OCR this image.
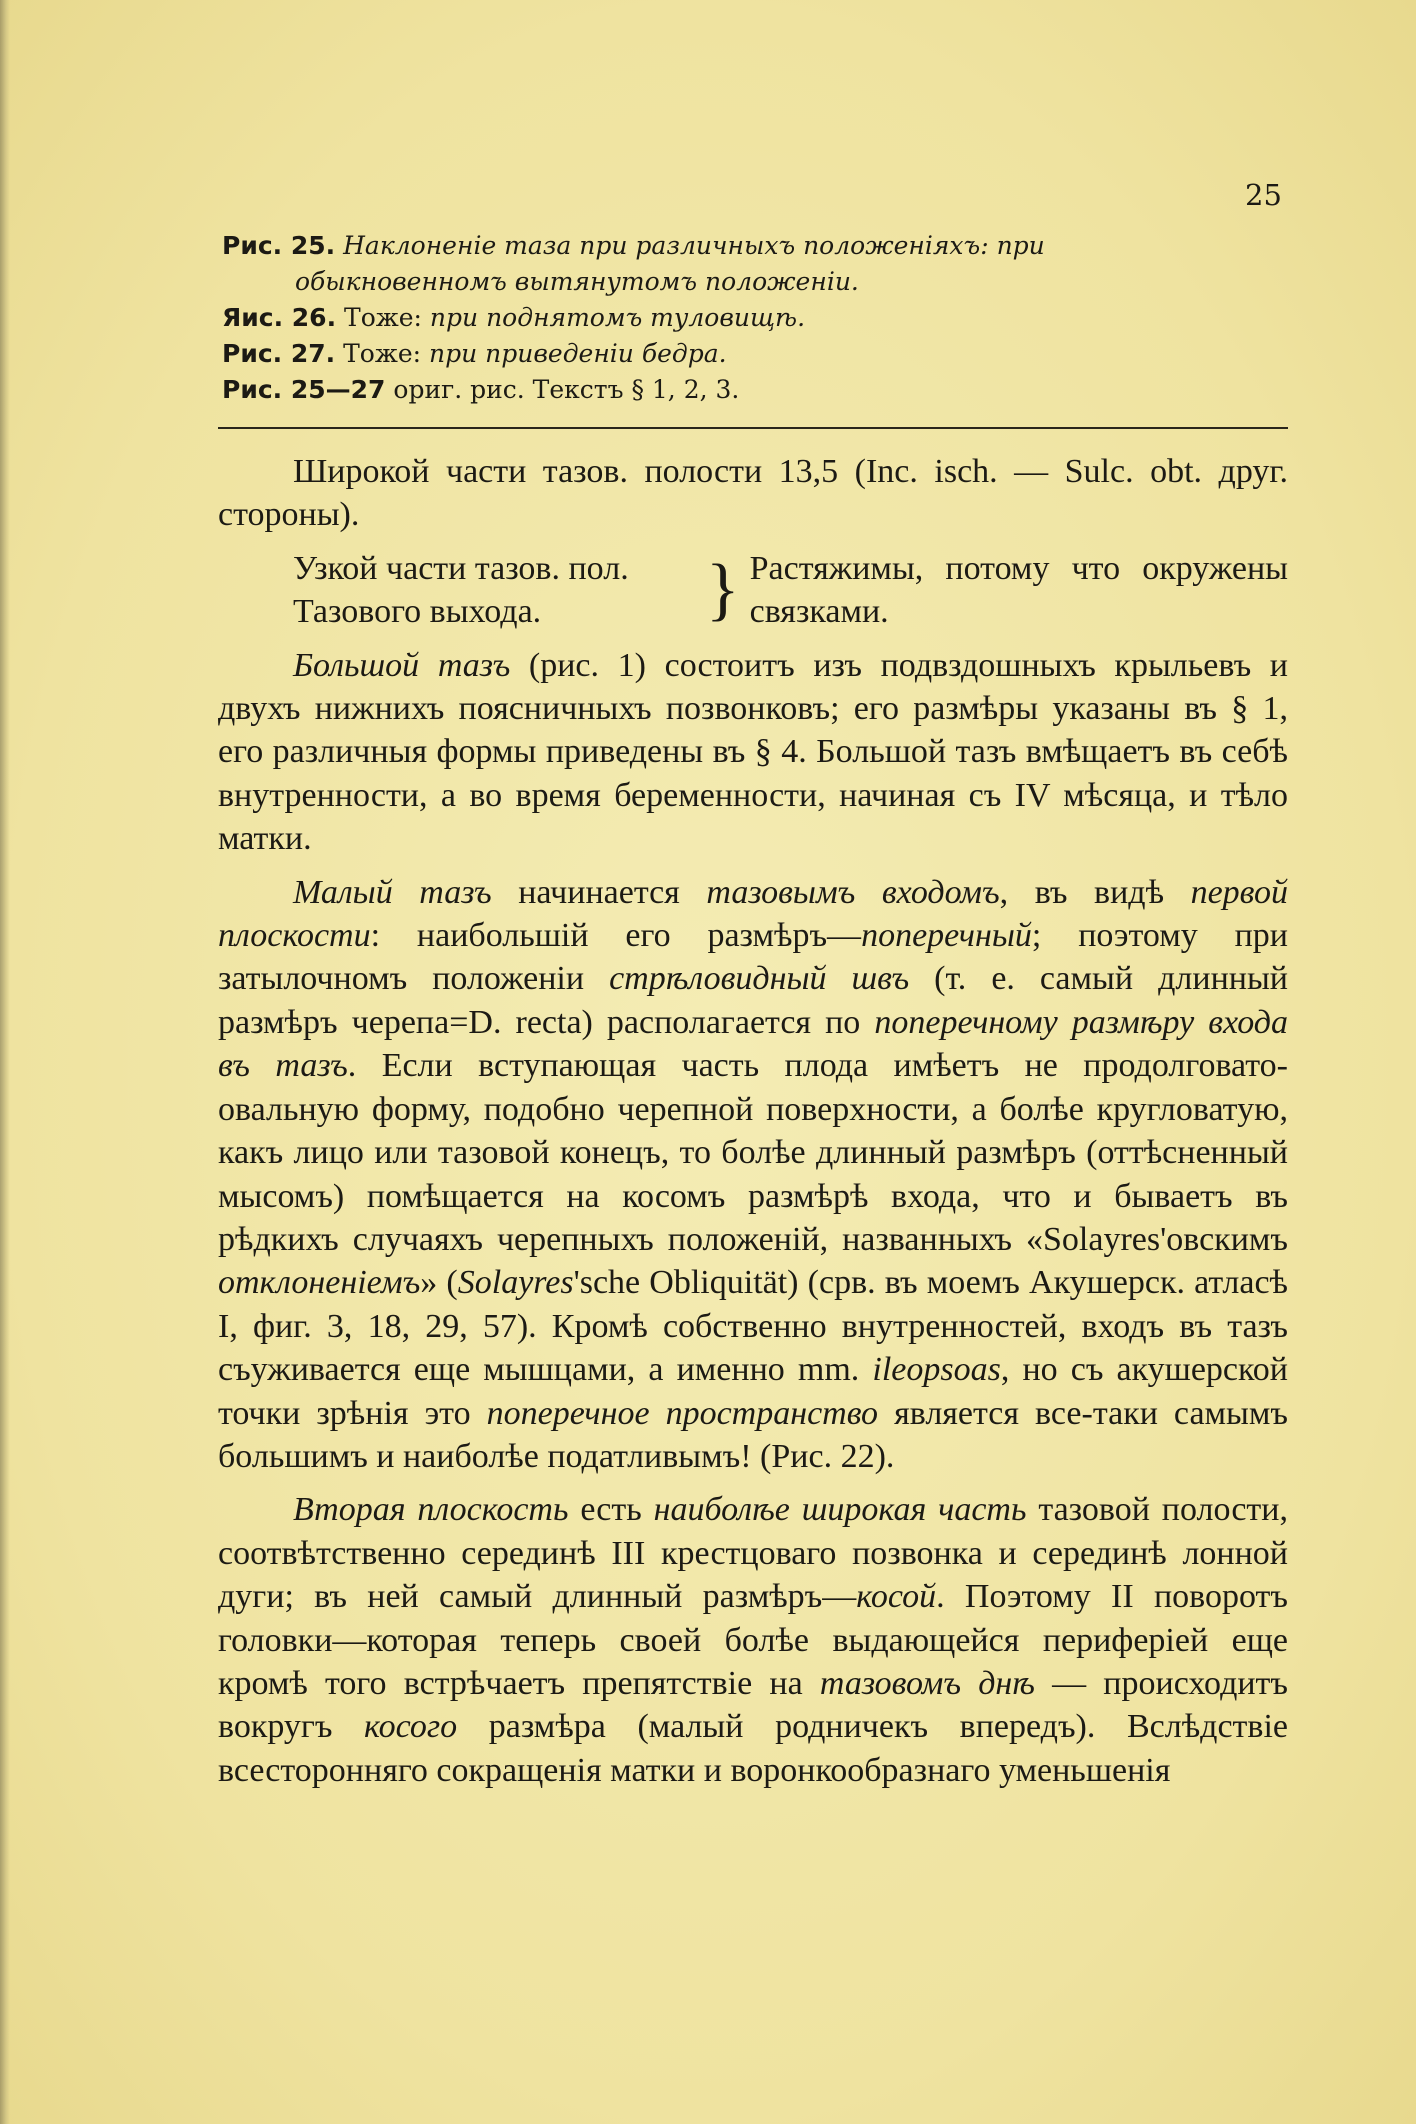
25
Рис. 25. Наклоненіе таза при различныхъ положеніяхъ: при
обыкновенномъ вытянутомъ положеніи.
Яис. 26. Тоже: при поднятомъ туловищѣ.
Рис. 27. Тоже: при приведеніи бедра.
Рис. 25—27 ориг. рис. Текстъ § 1, 2, 3.

Широкой части тазов. полости 13,5 (Inc. isch. — Sulc. obt. друг. стороны).

Узкой части тазов. пол.
Тазового выхода.	} Растяжимы, потому что окружены связками.

Большой тазъ (рис. 1) состоитъ изъ подвздошныхъ крыльевъ и двухъ нижнихъ поясничныхъ позвонковъ; его размѣры указаны въ § 1, его различныя формы приведены въ § 4. Большой тазъ вмѣщаетъ въ себѣ внутренности, а во время беременности, начиная съ IV мѣсяца, и тѣло матки.

Малый тазъ начинается тазовымъ входомъ, въ видѣ первой плоскости: наибольшій его размѣръ—поперечный; поэтому при затылочномъ положеніи стрѣловидный швъ (т. е. самый длинный размѣръ черепа=D. recta) располагается по поперечному размѣру входа въ тазъ. Если вступающая часть плода имѣетъ не продолговато-овальную форму, подобно черепной поверхности, а болѣе кругловатую, какъ лицо или тазовой конецъ, то болѣе длинный размѣръ (оттѣсненный мысомъ) помѣщается на косомъ размѣрѣ входа, что и бываетъ въ рѣдкихъ случаяхъ черепныхъ положеній, названныхъ «Solayres'овскимъ отклоненіемъ» (Solayres'sche Obliquität) (срв. въ моемъ Акушерск. атласѣ I, фиг. 3, 18, 29, 57). Кромѣ собственно внутренностей, входъ въ тазъ съуживается еще мышцами, а именно mm. ileopsoas, но съ акушерской точки зрѣнія это поперечное пространство является все-таки самымъ большимъ и наиболѣе податливымъ! (Рис. 22).

Вторая плоскость есть наиболѣе широкая часть тазовой полости, соотвѣтственно серединѣ III крестцоваго позвонка и серединѣ лонной дуги; въ ней самый длинный размѣръ—косой. Поэтому II поворотъ головки—которая теперь своей болѣе выдающейся периферіей еще кромѣ того встрѣчаетъ препятствіе на тазовомъ днѣ — происходитъ вокругъ косого размѣра (малый родничекъ впередъ). Вслѣдствіе всесторонняго сокращенія матки и воронкообразнаго уменьшенія
